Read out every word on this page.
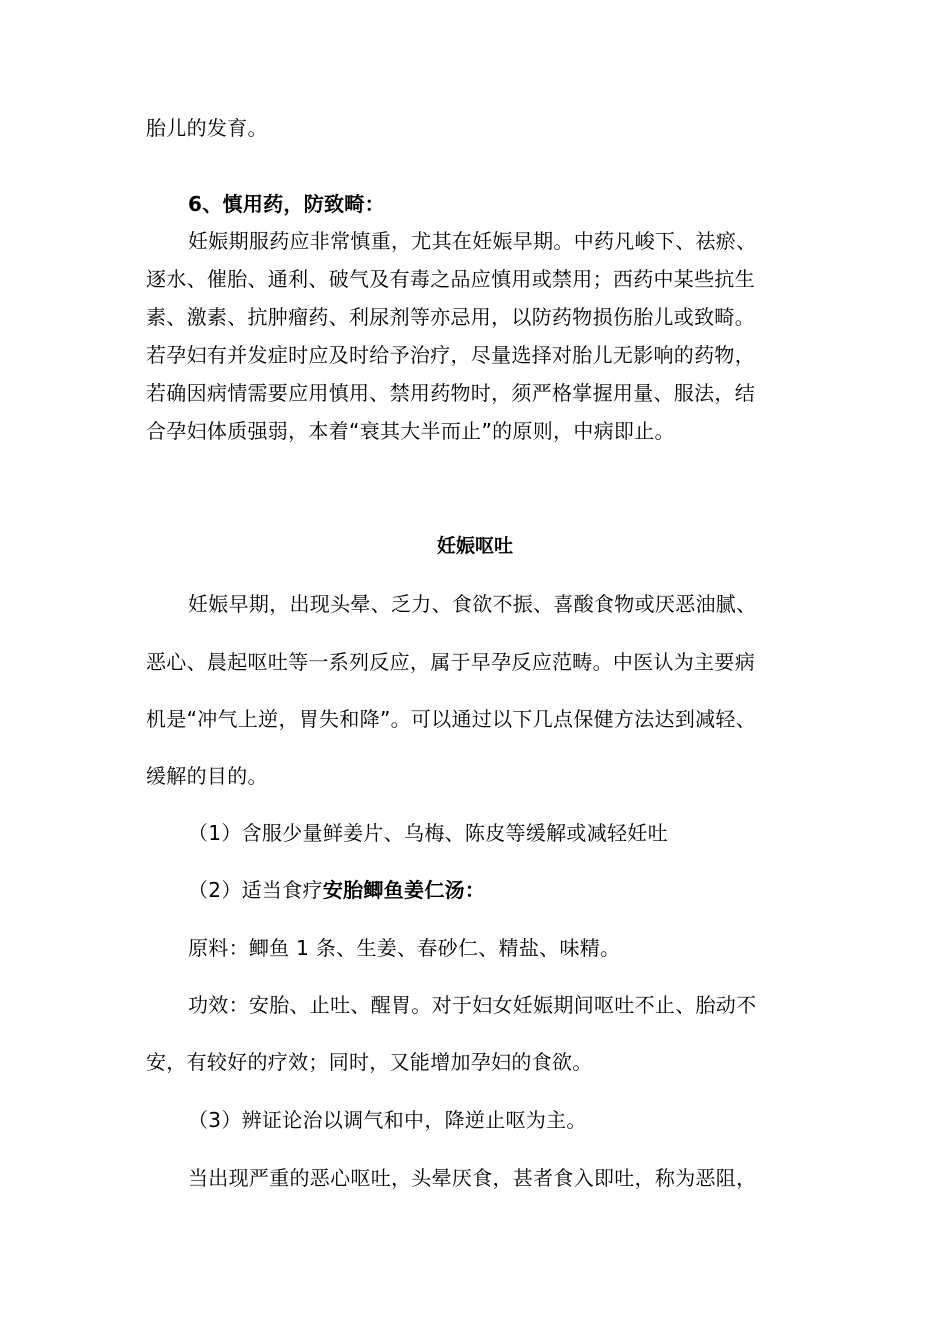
胎儿的发育。
6、慎用药，防致畸：
妊娠期服药应非常慎重，尤其在妊娠早期。中药凡峻下、祛瘀、
逐水、催胎、通利、破气及有毒之品应慎用或禁用；西药中某些抗生
素、激素、抗肿瘤药、利尿剂等亦忌用，以防药物损伤胎儿或致畸。
若孕妇有并发症时应及时给予治疗，尽量选择对胎儿无影响的药物，
若确因病情需要应用慎用、禁用药物时，须严格掌握用量、服法，结
合孕妇体质强弱，本着“衰其大半而止”的原则，中病即止。
妊娠呕吐
妊娠早期，出现头晕、乏力、食欲不振、喜酸食物或厌恶油腻、
恶心、晨起呕吐等一系列反应，属于早孕反应范畴。中医认为主要病
机是“冲气上逆，胃失和降”。可以通过以下几点保健方法达到减轻、
缓解的目的。
（1）含服少量鲜姜片、乌梅、陈皮等缓解或减轻妊吐
（2）适当食疗安胎鲫鱼姜仁汤：
原料：鲫鱼 1 条、生姜、春砂仁、精盐、味精。
功效：安胎、止吐、醒胃。对于妇女妊娠期间呕吐不止、胎动不
安，有较好的疗效；同时，又能增加孕妇的食欲。
（3）辨证论治以调气和中，降逆止呕为主。
当出现严重的恶心呕吐，头晕厌食，甚者食入即吐，称为恶阻，
